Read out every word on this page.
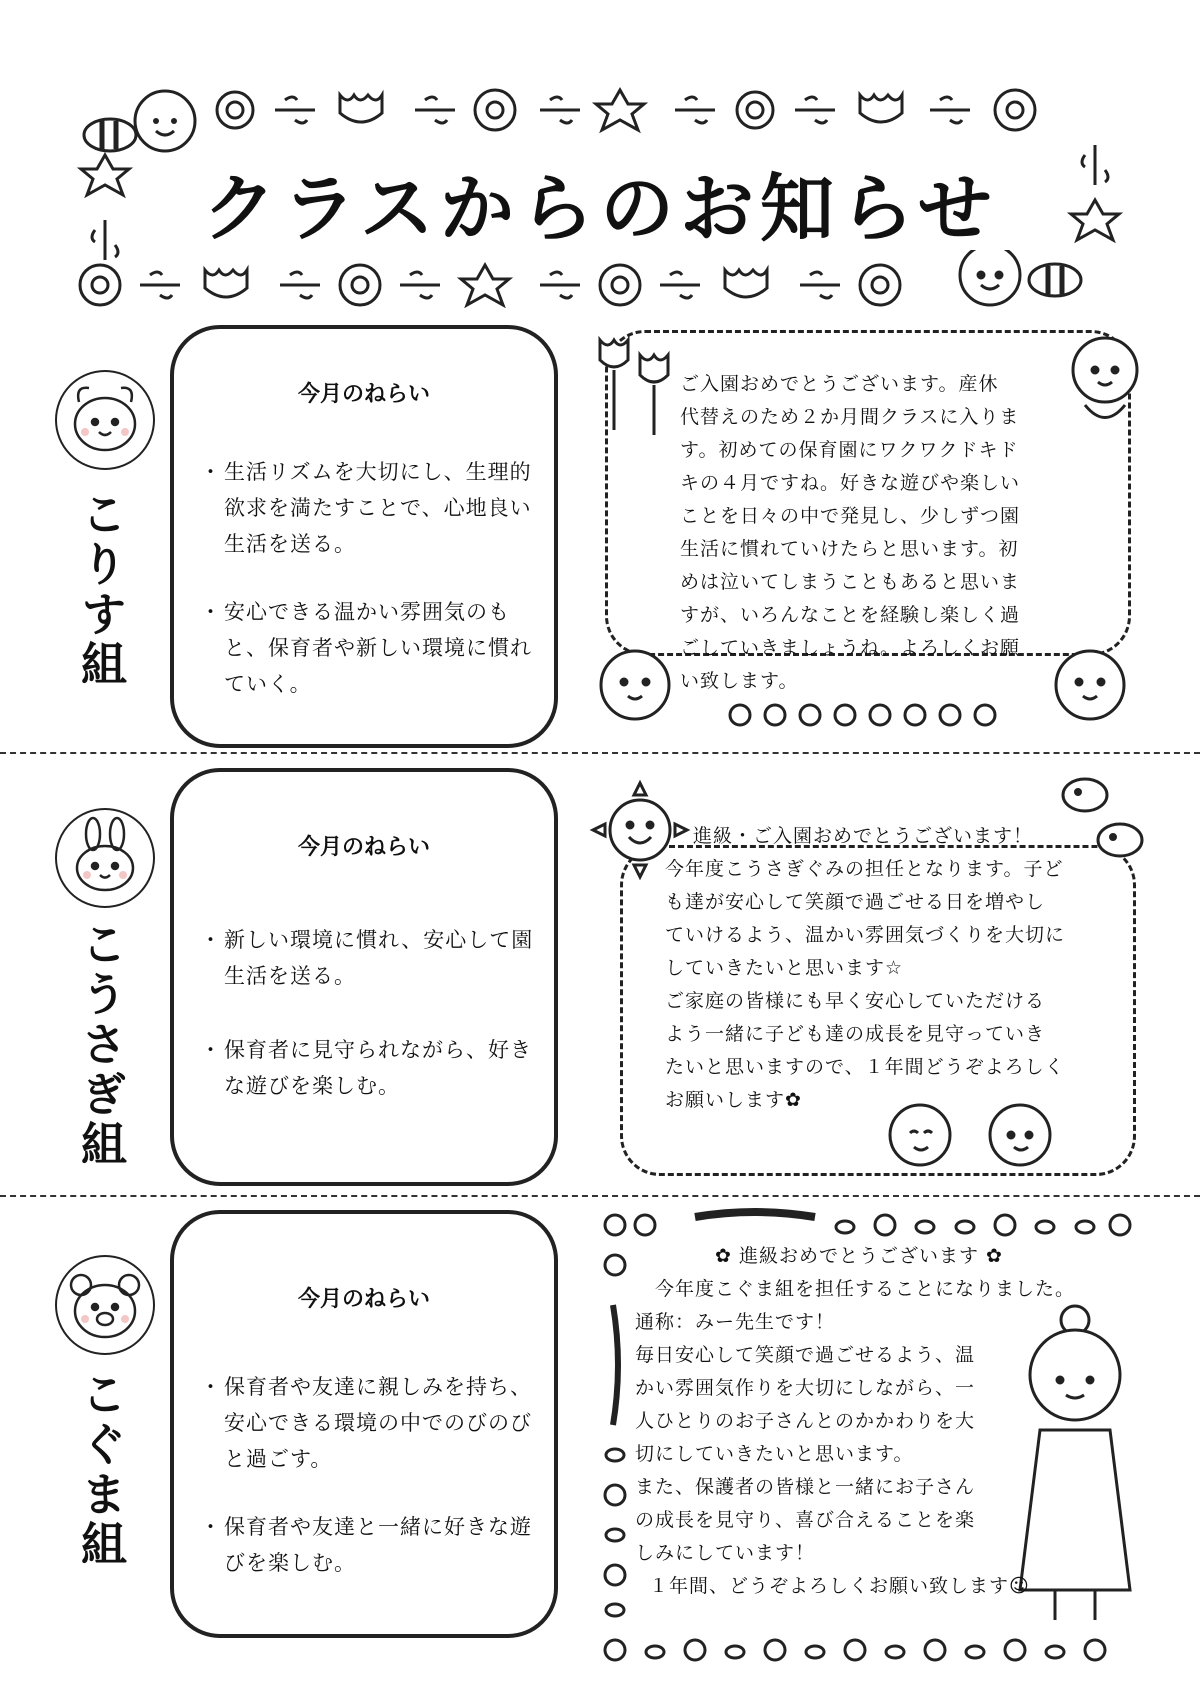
クラスからのお知らせ
こりす組
今月のねらい
・ 生活リズムを大切にし、生理的欲求を満たすことで、心地良い生活を送る。
・ 安心できる温かい雰囲気のもと、保育者や新しい環境に慣れていく。

ご入園おめでとうございます。産休

代替えのため２か月間クラスに入りま

す。初めての保育園にワクワクドキド

キの４月ですね。好きな遊びや楽しい

ことを日々の中で発見し、少しずつ園

生活に慣れていけたらと思います。初

めは泣いてしまうこともあると思いま

すが、いろんなことを経験し楽しく過

ごしていきましょうね。よろしくお願

い致します。

こうさぎ組
今月のねらい
・ 新しい環境に慣れ、安心して園生活を送る。
・ 保育者に見守られながら、好きな遊びを楽しむ。

進級・ご入園おめでとうございます！

今年度こうさぎぐみの担任となります。子ど

も達が安心して笑顔で過ごせる日を増やし

ていけるよう、温かい雰囲気づくりを大切に

していきたいと思います☆

ご家庭の皆様にも早く安心していただける

よう一緒に子ども達の成長を見守っていき

たいと思いますので、１年間どうぞよろしく

お願いします✿

こぐま組
今月のねらい
・ 保育者や友達に親しみを持ち、安心できる環境の中でのびのびと過ごす。
・ 保育者や友達と一緒に好きな遊びを楽しむ。

✿ 進級おめでとうございます ✿

今年度こぐま組を担任することになりました。

通称：みー先生です！

毎日安心して笑顔で過ごせるよう、温

かい雰囲気作りを大切にしながら、一

人ひとりのお子さんとのかかわりを大

切にしていきたいと思います。

また、保護者の皆様と一緒にお子さん

の成長を見守り、喜び合えることを楽

しみにしています！

１年間、どうぞよろしくお願い致します☺
